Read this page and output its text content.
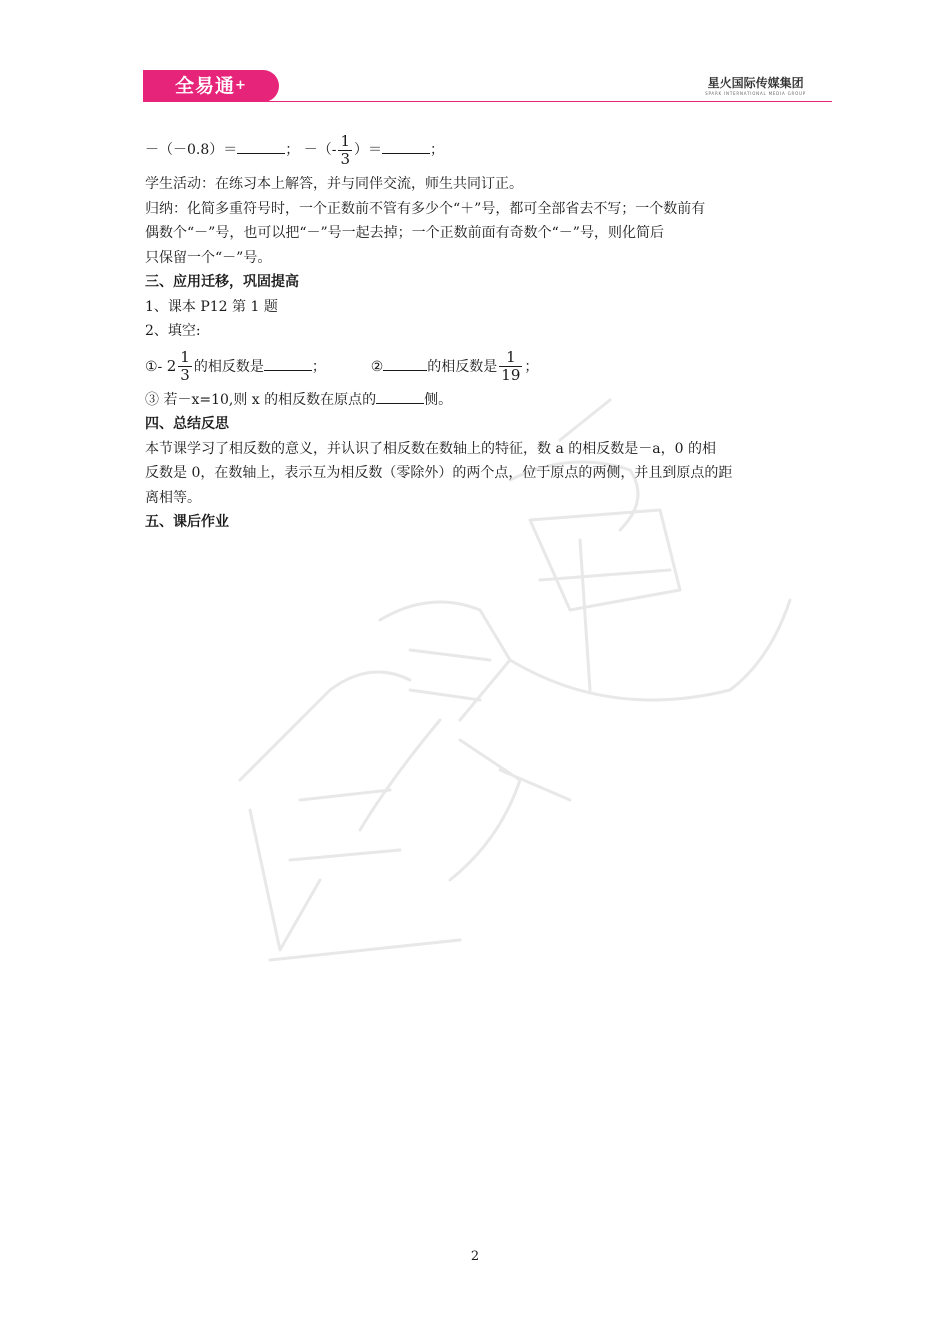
全易通+	星火国际传媒集团
SPARK INTERNATIONAL MEDIA GROUP
全易通
－（－0.8）＝	； －（- $\frac{1}{3}$ ）＝	；
学生活动：在练习本上解答，并与同伴交流，师生共同订正。
归纳：化简多重符号时，一个正数前不管有多少个“＋”号，都可全部省去不写；一个数前有
偶数个“－”号，也可以把“－”号一起去掉；一个正数前面有奇数个“－”号，则化简后
只保留一个“－”号。
三、应用迁移，巩固提高
1、课本 P12 第 1 题
2、填空:
①- $2 \frac{1}{3}$ 的相反数是	；	②	的相反数是 $\frac{1}{19}$ ；
③ 若－x=10,则 x 的相反数在原点的	侧。
四、总结反思
本节课学习了相反数的意义，并认识了相反数在数轴上的特征，数 a 的相反数是－a，0 的相
反数是 0，在数轴上，表示互为相反数（零除外）的两个点，位于原点的两侧，并且到原点的距
离相等。
五、课后作业
2
